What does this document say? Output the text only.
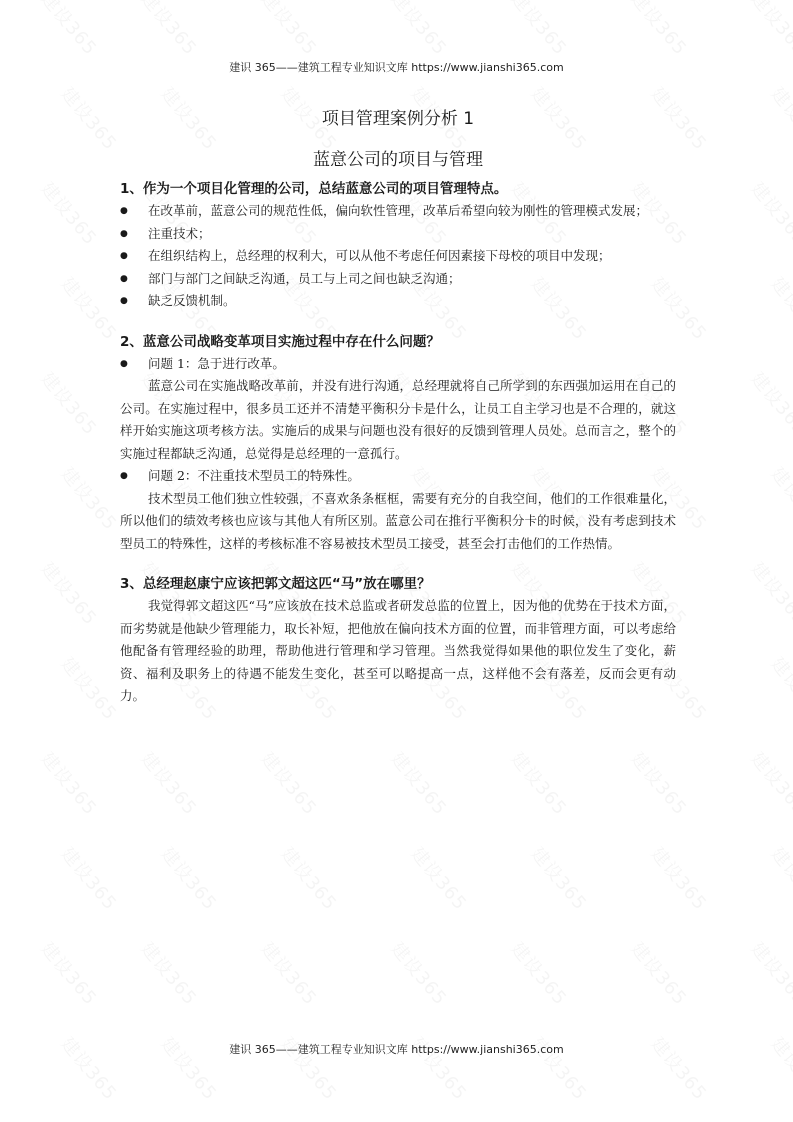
建识 365——建筑工程专业知识文库 https://www.jianshi365.com
项目管理案例分析 1
蓝意公司的项目与管理
1、作为一个项目化管理的公司，总结蓝意公司的项目管理特点。
● 在改革前，蓝意公司的规范性低，偏向软性管理，改革后希望向较为刚性的管理模式发展；
● 注重技术；
● 在组织结构上，总经理的权利大，可以从他不考虑任何因素接下母校的项目中发现；
● 部门与部门之间缺乏沟通，员工与上司之间也缺乏沟通；
● 缺乏反馈机制。
2、蓝意公司战略变革项目实施过程中存在什么问题？
● 问题 1：急于进行改革。

蓝意公司在实施战略改革前，并没有进行沟通，总经理就将自己所学到的东西强加运用在自己的公司。在实施过程中，很多员工还并不清楚平衡积分卡是什么，让员工自主学习也是不合理的，就这样开始实施这项考核方法。实施后的成果与问题也没有很好的反馈到管理人员处。总而言之，整个的实施过程都缺乏沟通，总觉得是总经理的一意孤行。

● 问题 2：不注重技术型员工的特殊性。

技术型员工他们独立性较强，不喜欢条条框框，需要有充分的自我空间，他们的工作很难量化，所以他们的绩效考核也应该与其他人有所区别。蓝意公司在推行平衡积分卡的时候，没有考虑到技术型员工的特殊性，这样的考核标准不容易被技术型员工接受，甚至会打击他们的工作热情。

3、总经理赵康宁应该把郭文超这匹“马”放在哪里？

我觉得郭文超这匹“马”应该放在技术总监或者研发总监的位置上，因为他的优势在于技术方面，而劣势就是他缺少管理能力，取长补短，把他放在偏向技术方面的位置，而非管理方面，可以考虑给他配备有管理经验的助理，帮助他进行管理和学习管理。当然我觉得如果他的职位发生了变化，薪资、福利及职务上的待遇不能发生变化，甚至可以略提高一点，这样他不会有落差，反而会更有动力。

建识 365——建筑工程专业知识文库 https://www.jianshi365.com
